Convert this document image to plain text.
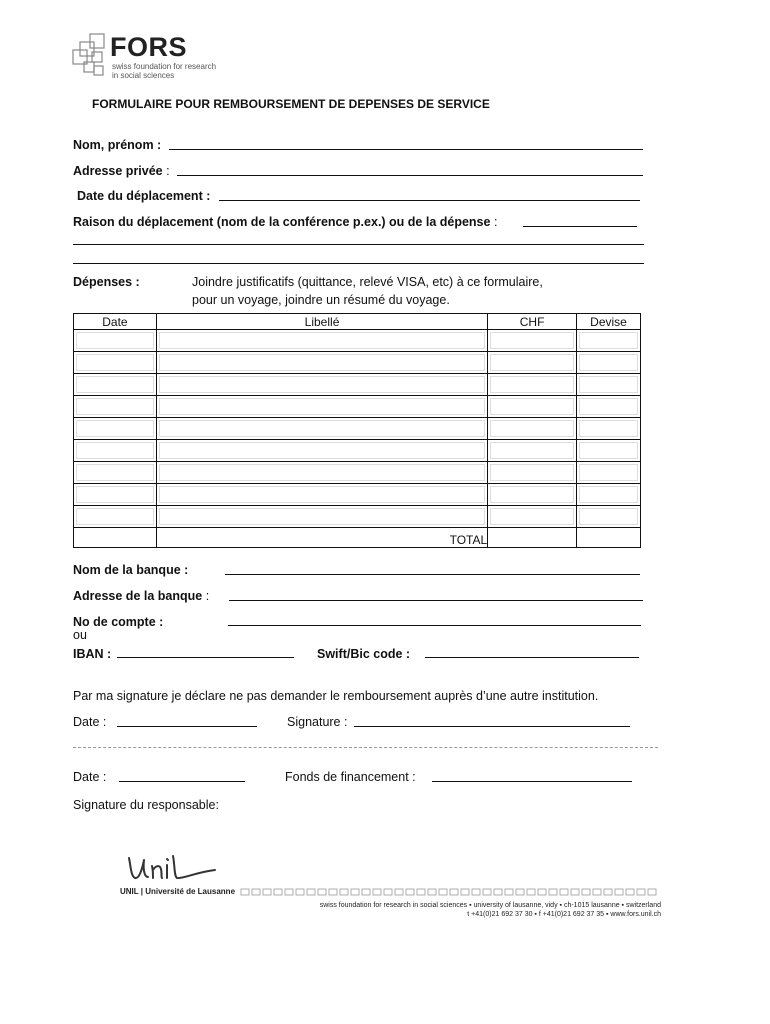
FORS
swiss foundation for research
in social sciences
FORMULAIRE POUR REMBOURSEMENT DE DEPENSES DE SERVICE
Nom, prénom :
Adresse privée :
Date du déplacement :
Raison du déplacement (nom de la conférence p.ex.) ou de la dépense :
Dépenses :	Joindre justificatifs (quittance, relevé VISA, etc) à ce formulaire,
pour un voyage, joindre un résumé du voyage.
Date	Libellé	CHF	Devise

	TOTAL		
Nom de la banque :
Adresse de la banque :
No de compte :
ou
IBAN :	Swift/Bic code :
Par ma signature je déclare ne pas demander le remboursement auprès d’une autre institution.
Date :	Signature :
Date :	Fonds de financement :
Signature du responsable:
UNIL | Université de Lausanne
swiss foundation for research in social sciences ▪ university of lausanne, vidy ▪ ch-1015 lausanne ▪ switzerland
t +41(0)21 692 37 30 ▪ f +41(0)21 692 37 35 ▪ www.fors.unil.ch
